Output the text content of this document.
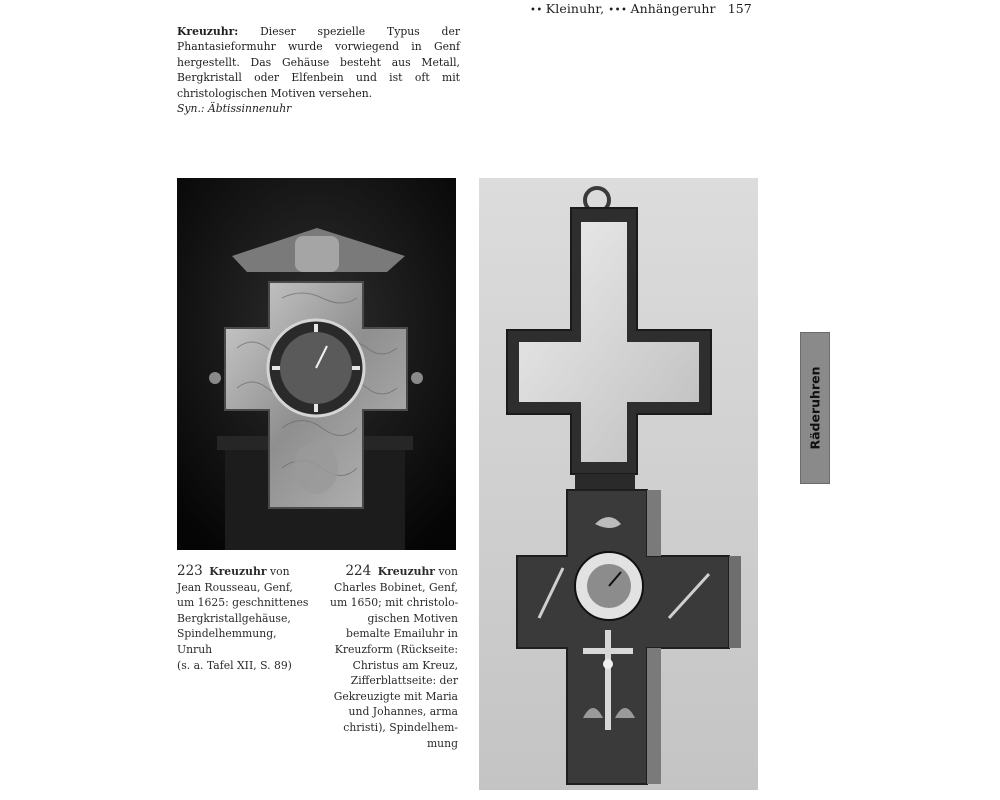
•• Kleinuhr, ••• Anhängeruhr 157
Kreuzuhr: Dieser spezielle Typus der Phantasieformuhr wurde vorwiegend in Genf hergestellt. Das Gehäuse besteht aus Metall, Bergkristall oder Elfenbein und ist oft mit christologischen Motiven versehen.
Syn.: Äbtissinnenuhr
223 Kreuzuhr von
Jean Rousseau, Genf,
um 1625: geschnittenes
Bergkristallgehäuse,
Spindelhemmung,
Unruh
(s. a. Tafel XII, S. 89)
224 Kreuzuhr von
Charles Bobinet, Genf,
um 1650; mit christolo-
gischen Motiven
bemalte Emailuhr in
Kreuzform (Rückseite:
Christus am Kreuz,
Zifferblattseite: der
Gekreuzigte mit Maria
und Johannes, arma
christi), Spindelhem-
mung
Räderuhren
